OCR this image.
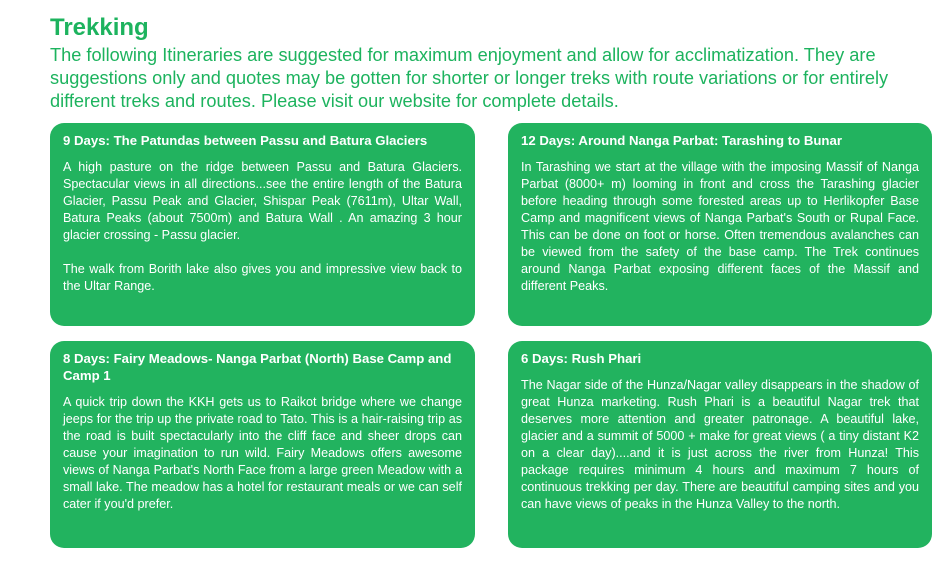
Trekking

The following Itineraries are suggested for maximum enjoyment and allow for acclimatization. They are suggestions only and quotes may be gotten for shorter or longer treks with route variations or for entirely different treks and routes. Please visit our website for complete details.

9 Days: The Patundas between Passu and Batura Glaciers

A high pasture on the ridge between Passu and Batura Glaciers. Spectacular views in all directions...see the entire length of the Batura Glacier, Passu Peak and Glacier, Shispar Peak (7611m), Ultar Wall, Batura Peaks (about 7500m) and Batura Wall . An amazing 3 hour glacier crossing - Passu glacier.

The walk from Borith lake also gives you and impressive view back to the Ultar Range.

12 Days: Around Nanga Parbat: Tarashing to Bunar

In Tarashing we start at the village with the imposing Massif of Nanga Parbat (8000+ m) looming in front and cross the Tarashing glacier before heading through some forested areas up to Herlikopfer Base Camp and magnificent views of Nanga Parbat's South or Rupal Face. This can be done on foot or horse. Often tremendous avalanches can be viewed from the safety of the base camp. The Trek continues around Nanga Parbat exposing different faces of the Massif and different Peaks.

8 Days: Fairy Meadows- Nanga Parbat (North) Base Camp and Camp 1

A quick trip down the KKH gets us to Raikot bridge where we change jeeps for the trip up the private road to Tato. This is a hair-raising trip as the road is built spectacularly into the cliff face and sheer drops can cause your imagination to run wild. Fairy Meadows offers awesome views of Nanga Parbat's North Face from a large green Meadow with a small lake. The meadow has a hotel for restaurant meals or we can self cater if you'd prefer.

6 Days: Rush Phari

The Nagar side of the Hunza/Nagar valley disappears in the shadow of great Hunza marketing. Rush Phari is a beautiful Nagar trek that deserves more attention and greater patronage. A beautiful lake, glacier and a summit of 5000 + make for great views ( a tiny distant K2 on a clear day)....and it is just across the river from Hunza! This package requires minimum 4 hours and maximum 7 hours of continuous trekking per day. There are beautiful camping sites and you can have views of peaks in the Hunza Valley to the north.
